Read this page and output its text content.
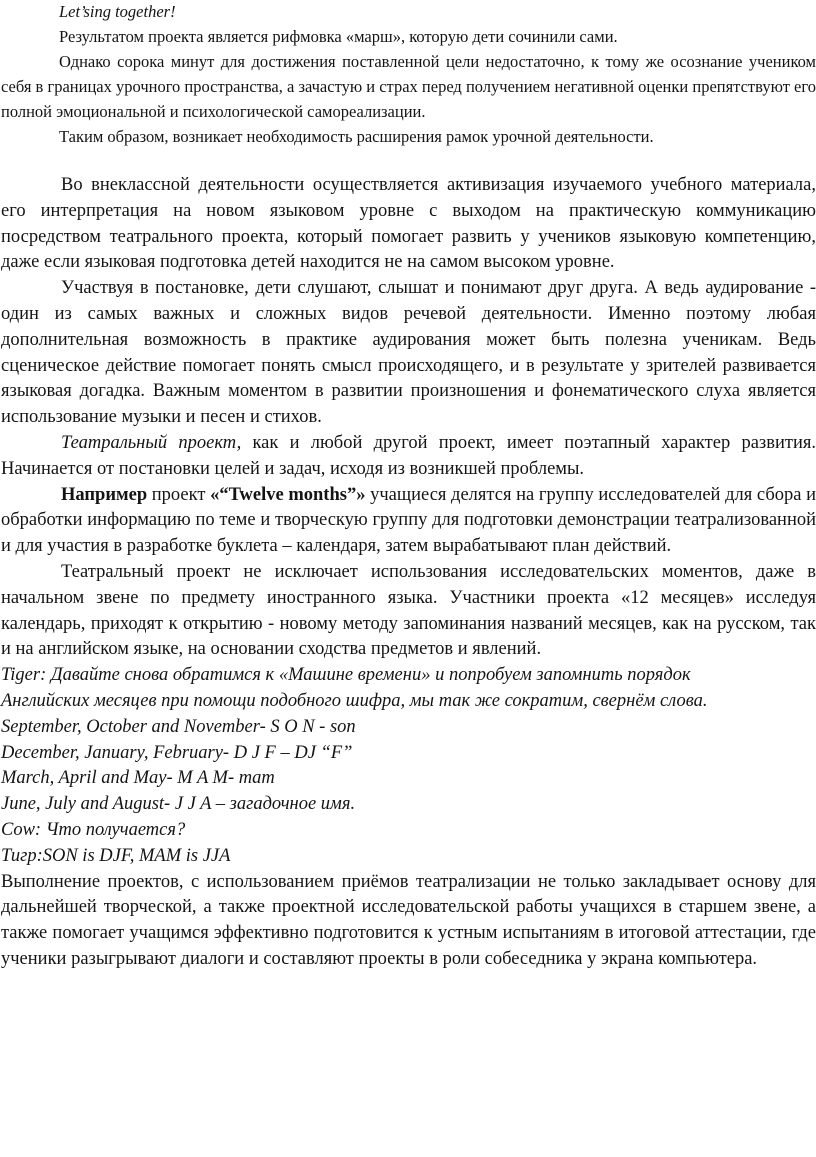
Let’sing together!

Результатом проекта является рифмовка «марш», которую дети сочинили сами.

Однако сорока минут для достижения поставленной цели недостаточно, к тому же осознание учеником себя в границах урочного пространства, а зачастую и страх перед получением негативной оценки препятствуют его полной эмоциональной и психологической самореализации.

Таким образом, возникает необходимость расширения рамок урочной деятельности.

Во внеклассной деятельности осуществляется активизация изучаемого учебного материала, его интерпретация на новом языковом уровне с выходом на практическую коммуникацию посредством театрального проекта, который помогает развить у учеников языковую компетенцию, даже если языковая подготовка детей находится не на самом высоком уровне.

Участвуя в постановке, дети слушают, слышат и понимают друг друга. А ведь аудирование - один из самых важных и сложных видов речевой деятельности. Именно поэтому любая дополнительная возможность в практике аудирования может быть полезна ученикам. Ведь сценическое действие помогает понять смысл происходящего, и в результате у зрителей развивается языковая догадка. Важным моментом в развитии произношения и фонематического слуха является использование музыки и песен и стихов.

Театральный проект, как и любой другой проект, имеет поэтапный характер развития. Начинается от постановки целей и задач, исходя из возникшей проблемы.

Например проект «“Twelve months”» учащиеся делятся на группу исследователей для сбора и обработки информацию по теме и творческую группу для подготовки демонстрации театрализованной и для участия в разработке буклета – календаря, затем вырабатывают план действий.

Театральный проект не исключает использования исследовательских моментов, даже в начальном звене по предмету иностранного языка. Участники проекта «12 месяцев» исследуя календарь, приходят к открытию - новому методу запоминания названий месяцев, как на русском, так и на английском языке, на основании сходства предметов и явлений.

Tiger: Давайте снова обратимся к «Машине времени» и попробуем запомнить порядок
Английских месяцев при помощи подобного шифра, мы так же сократим, свернём слова.
September, October and November- S O N - son
December, January, February- D J F – DJ “F”
March, April and May- M A M- mam
June, July and August- J J A – загадочное имя.
Cow: Что получается?
Тигр:SON is DJF, MAM is JJA

Выполнение проектов, с использованием приёмов театрализации не только закладывает основу для дальнейшей творческой, а также проектной исследовательской работы учащихся в старшем звене, а также помогает учащимся эффективно подготовится к устным испытаниям в итоговой аттестации, где ученики разыгрывают диалоги и составляют проекты в роли собеседника у экрана компьютера.
